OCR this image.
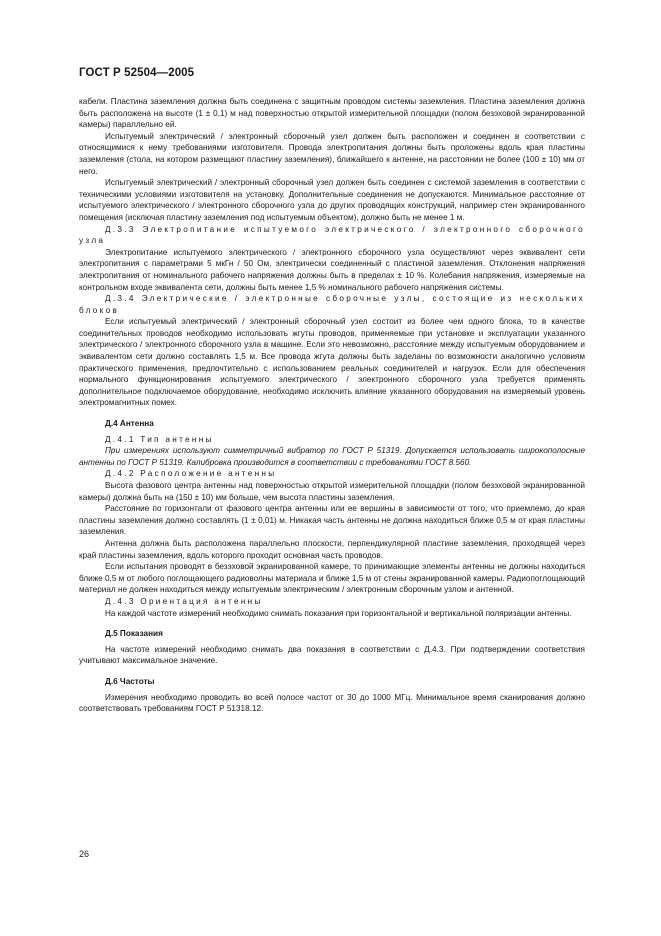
ГОСТ Р 52504—2005

кабели. Пластина заземления должна быть соединена с защитным проводом системы заземления. Пластина заземления должна быть расположена на высоте (1 ± 0,1) м над поверхностью открытой измерительной площадки (полом безэховой экранированной камеры) параллельно ей.

Испытуемый электрический / электронный сборочный узел должен быть расположен и соединен в соответствии с относящимися к нему требованиями изготовителя. Провода электропитания должны быть проложены вдоль края пластины заземления (стола, на котором размещают пластину заземления), ближайшего к антенне, на расстоянии не более (100 ± 10) мм от него.

Испытуемый электрический / электронный сборочный узел должен быть соединен с системой заземления в соответствии с техническими условиями изготовителя на установку. Дополнительные соединения не допускаются. Минимальное расстояние от испытуемого электрического / электронного сборочного узла до других проводящих конструкций, например стен экранированного помещения (исключая пластину заземления под испытуемым объектом), должно быть не менее 1 м.

Д.3.3 Электропитание испытуемого электрического / электронного сборочного узла

Электропитание испытуемого электрического / электронного сборочного узла осуществляют через эквивалент сети электропитания с параметрами 5 мкГн / 50 Ом, электрически соединенный с пластиной заземления. Отклонения напряжения электропитания от номинального рабочего напряжения должны быть в пределах ± 10 %. Колебания напряжения, измеряемые на контрольном входе эквивалента сети, должны быть менее 1,5 % номинального рабочего напряжения системы.

Д.3.4 Электрические / электронные сборочные узлы, состоящие из нескольких блоков

Если испытуемый электрический / электронный сборочный узел состоит из более чем одного блока, то в качестве соединительных проводов необходимо использовать жгуты проводов, применяемые при установке и эксплуатации указанного электрического / электронного сборочного узла в машине. Если это невозможно, расстояние между испытуемым оборудованием и эквивалентом сети должно составлять 1,5 м. Все провода жгута должны быть заделаны по возможности аналогично условиям практического применения, предпочтительно с использованием реальных соединителей и нагрузок. Если для обеспечения нормального функционирования испытуемого электрического / электронного сборочного узла требуется применять дополнительное подключаемое оборудование, необходимо исключить влияние указанного оборудования на измеряемый уровень электромагнитных помех.

Д.4 Антенна

Д.4.1 Тип антенны

При измерениях используют симметричный вибратор по ГОСТ Р 51319. Допускается использовать широкополосные антенны по ГОСТ Р 51319. Калибровка производится в соответствии с требованиями ГОСТ 8.560.

Д.4.2 Расположение антенны

Высота фазового центра антенны над поверхностью открытой измерительной площадки (полом безэховой экранированной камеры) должна быть на (150 ± 10) мм больше, чем высота пластины заземления.

Расстояние по горизонтали от фазового центра антенны или ее вершины в зависимости от того, что приемлемо, до края пластины заземления должно составлять (1 ± 0,01) м. Никакая часть антенны не должна находиться ближе 0,5 м от края пластины заземления.

Антенна должна быть расположена параллельно плоскости, перпендикулярной пластине заземления, проходящей через край пластины заземления, вдоль которого проходит основная часть проводов.

Если испытания проводят в безэховой экранированной камере, то принимающие элементы антенны не должны находиться ближе 0,5 м от любого поглощающего радиоволны материала и ближе 1,5 м от стены экранированной камеры. Радиопоглощающий материал не должен находиться между испытуемым электрическим / электронным сборочным узлом и антенной.

Д.4.3 Ориентация антенны

На каждой частоте измерений необходимо снимать показания при горизонтальной и вертикальной поляризации антенны.

Д.5 Показания

На частоте измерений необходимо снимать два показания в соответствии с Д.4.3. При подтверждении соответствия учитывают максимальное значение.

Д.6 Частоты

Измерения необходимо проводить во всей полосе частот от 30 до 1000 МГц. Минимальное время сканирования должно соответствовать требованиям ГОСТ Р 51318.12.

26
